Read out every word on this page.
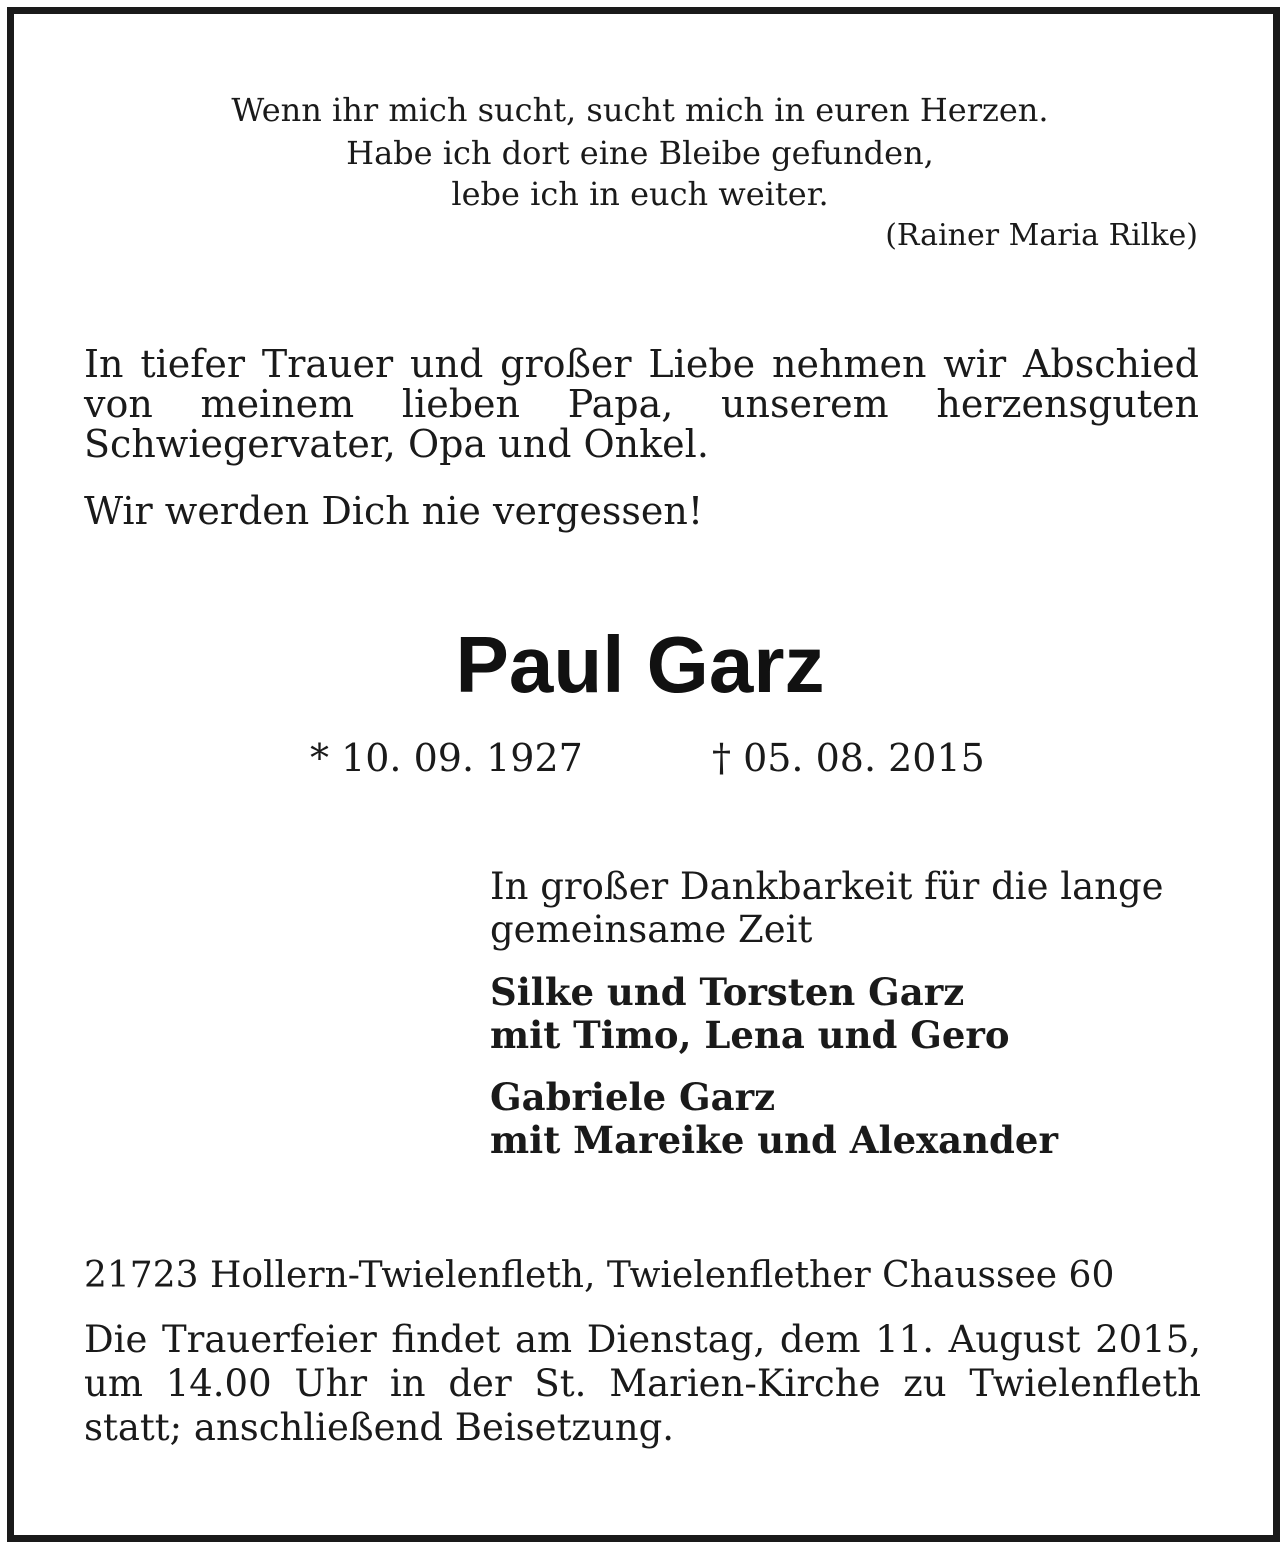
Wenn ihr mich sucht, sucht mich in euren Herzen.

Habe ich dort eine Bleibe gefunden,

lebe ich in euch weiter.

(Rainer Maria Rilke)

In tiefer Trauer und großer Liebe nehmen wir Abschied
von meinem lieben Papa, unserem herzensguten
Schwiegervater, Opa und Onkel.

Wir werden Dich nie vergessen!

Paul Garz

* 10. 09. 1927	† 05. 08. 2015

In großer Dankbarkeit für die lange

gemeinsame Zeit

Silke und Torsten Garz

mit Timo, Lena und Gero

Gabriele Garz

mit Mareike und Alexander

21723 Hollern-Twielenfleth, Twielenflether Chaussee 60

Die Trauerfeier findet am Dienstag, dem 11. August 2015,
um 14.00 Uhr in der St. Marien-Kirche zu Twielenfleth
statt; anschließend Beisetzung.
